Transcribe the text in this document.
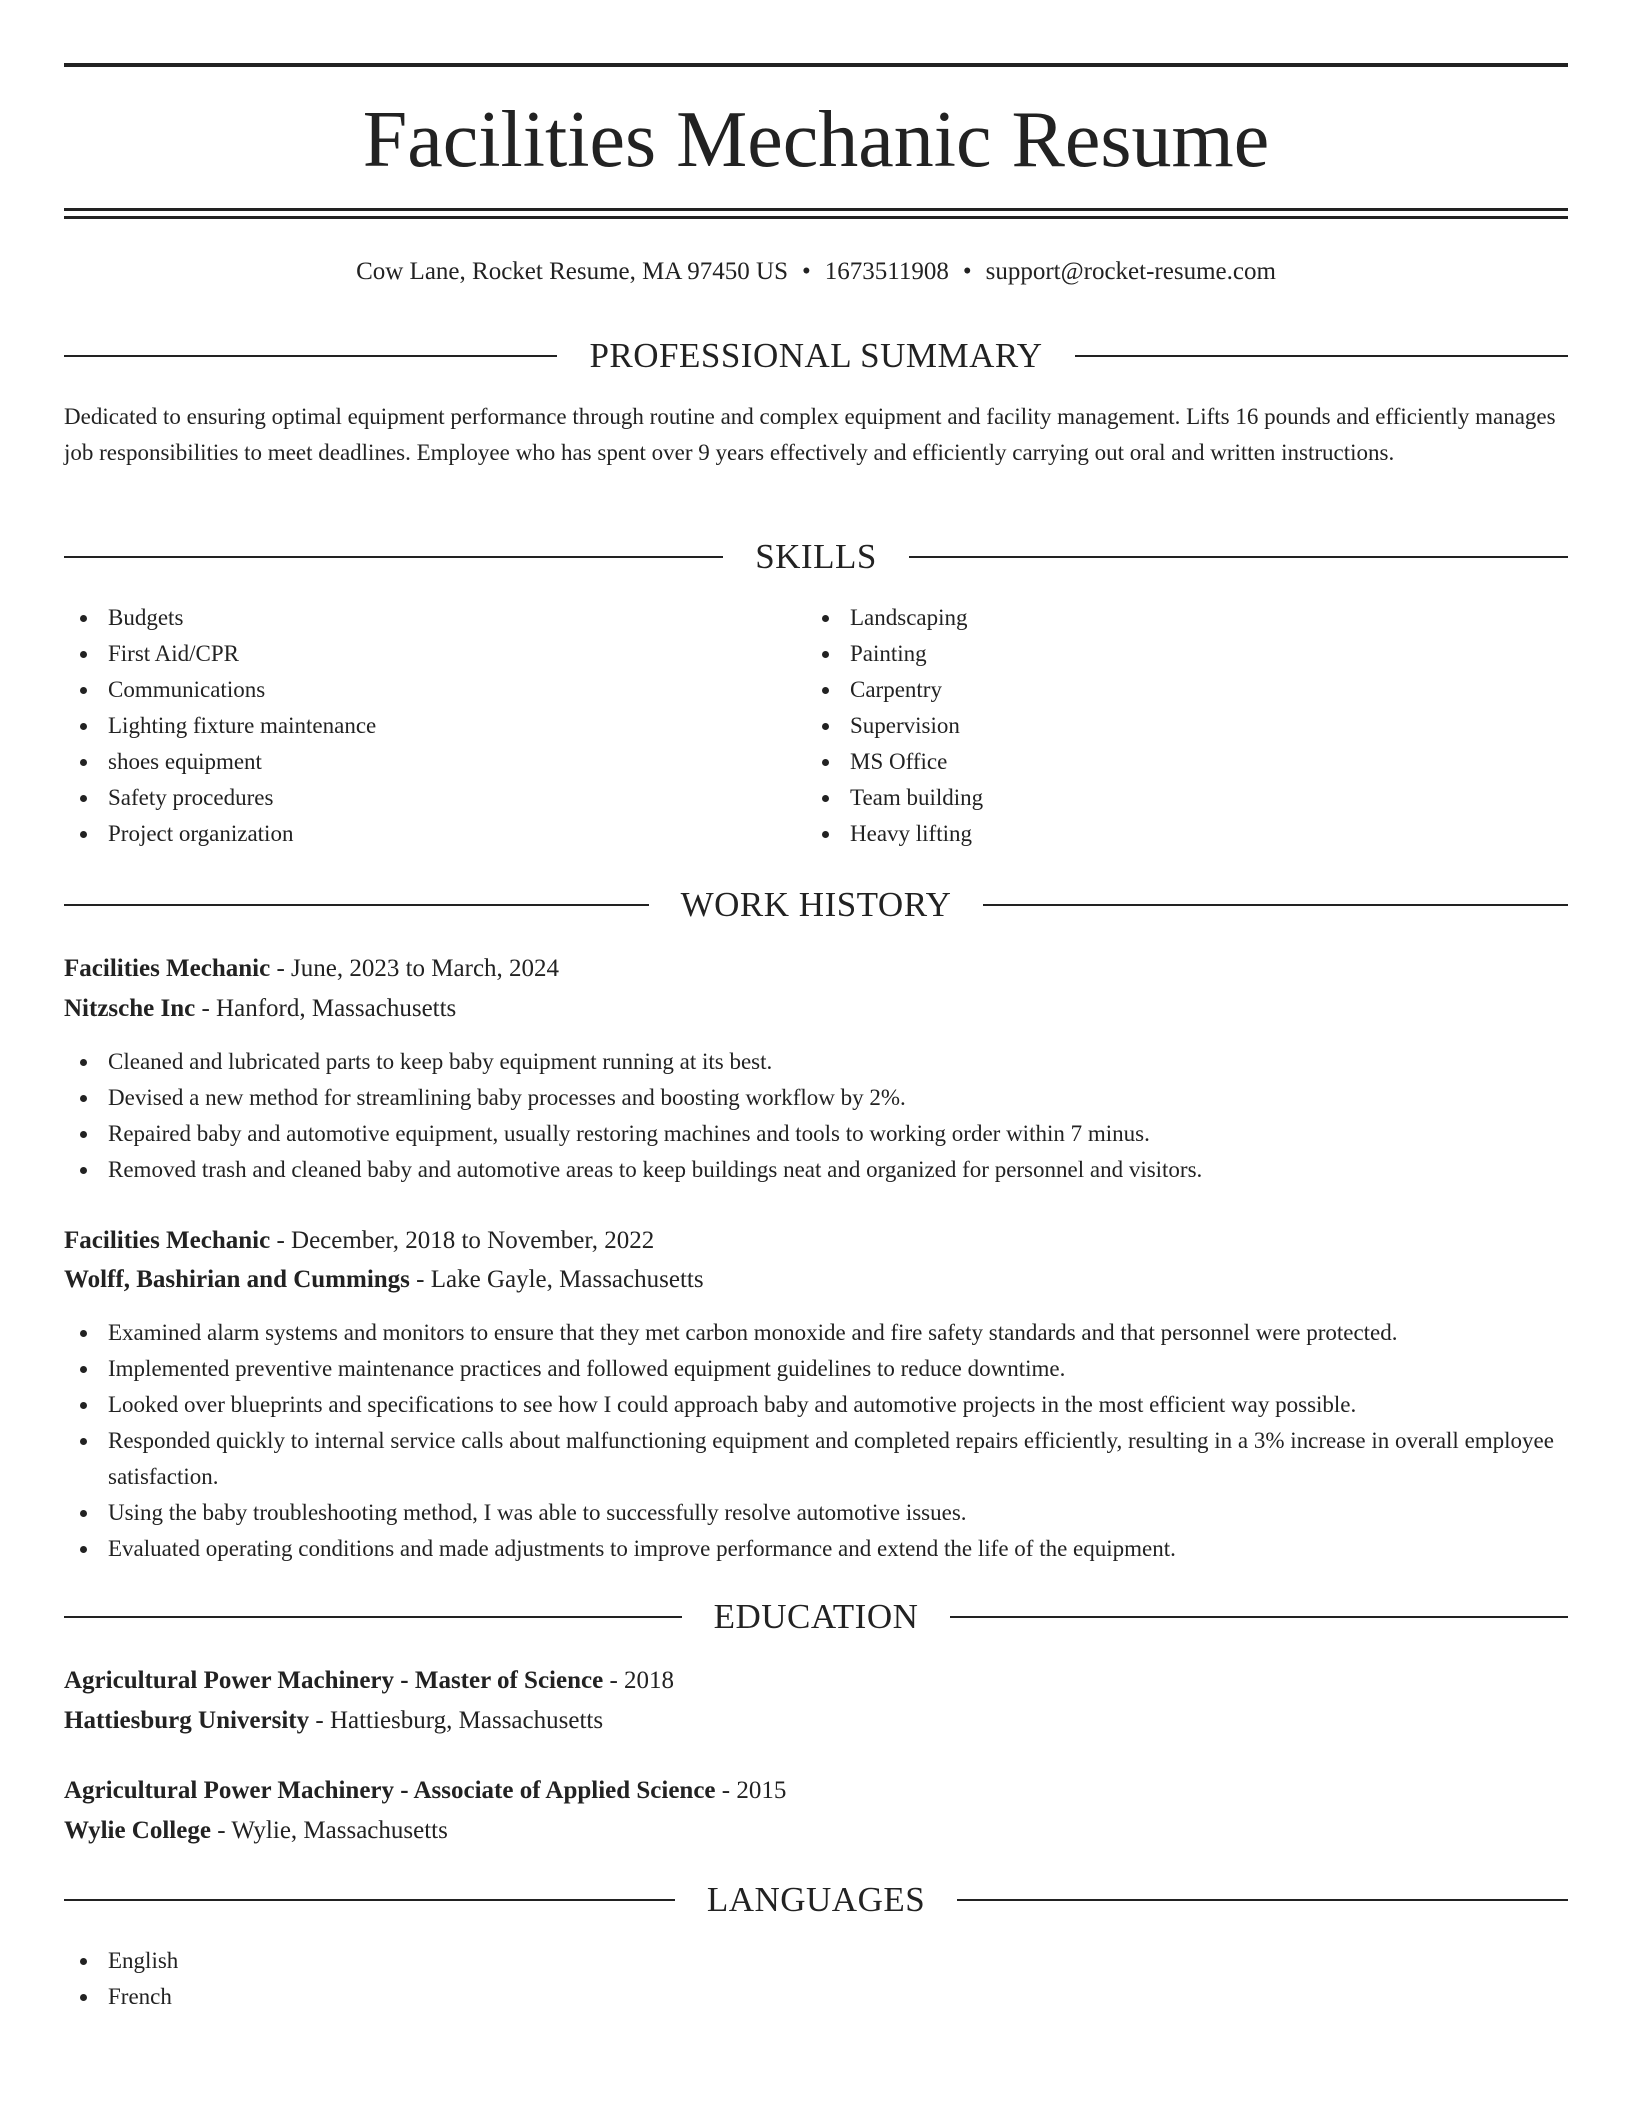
Facilities Mechanic Resume
Cow Lane, Rocket Resume, MA 97450 US • 1673511908 • support@rocket-resume.com
PROFESSIONAL SUMMARY

Dedicated to ensuring optimal equipment performance through routine and complex equipment and facility management. Lifts 16 pounds and efficiently manages job responsibilities to meet deadlines. Employee who has spent over 9 years effectively and efficiently carrying out oral and written instructions.

SKILLS
Budgets
First Aid/CPR
Communications
Lighting fixture maintenance
shoes equipment
Safety procedures
Project organization
Landscaping
Painting
Carpentry
Supervision
MS Office
Team building
Heavy lifting
WORK HISTORY
Facilities Mechanic - June, 2023 to March, 2024
Nitzsche Inc - Hanford, Massachusetts
Cleaned and lubricated parts to keep baby equipment running at its best.
Devised a new method for streamlining baby processes and boosting workflow by 2%.
Repaired baby and automotive equipment, usually restoring machines and tools to working order within 7 minus.
Removed trash and cleaned baby and automotive areas to keep buildings neat and organized for personnel and visitors.
Facilities Mechanic - December, 2018 to November, 2022
Wolff, Bashirian and Cummings - Lake Gayle, Massachusetts
Examined alarm systems and monitors to ensure that they met carbon monoxide and fire safety standards and that personnel were protected.
Implemented preventive maintenance practices and followed equipment guidelines to reduce downtime.
Looked over blueprints and specifications to see how I could approach baby and automotive projects in the most efficient way possible.
Responded quickly to internal service calls about malfunctioning equipment and completed repairs efficiently, resulting in a 3% increase in overall employee satisfaction.
Using the baby troubleshooting method, I was able to successfully resolve automotive issues.
Evaluated operating conditions and made adjustments to improve performance and extend the life of the equipment.
EDUCATION
Agricultural Power Machinery - Master of Science - 2018
Hattiesburg University - Hattiesburg, Massachusetts
Agricultural Power Machinery - Associate of Applied Science - 2015
Wylie College - Wylie, Massachusetts
LANGUAGES
English
French
